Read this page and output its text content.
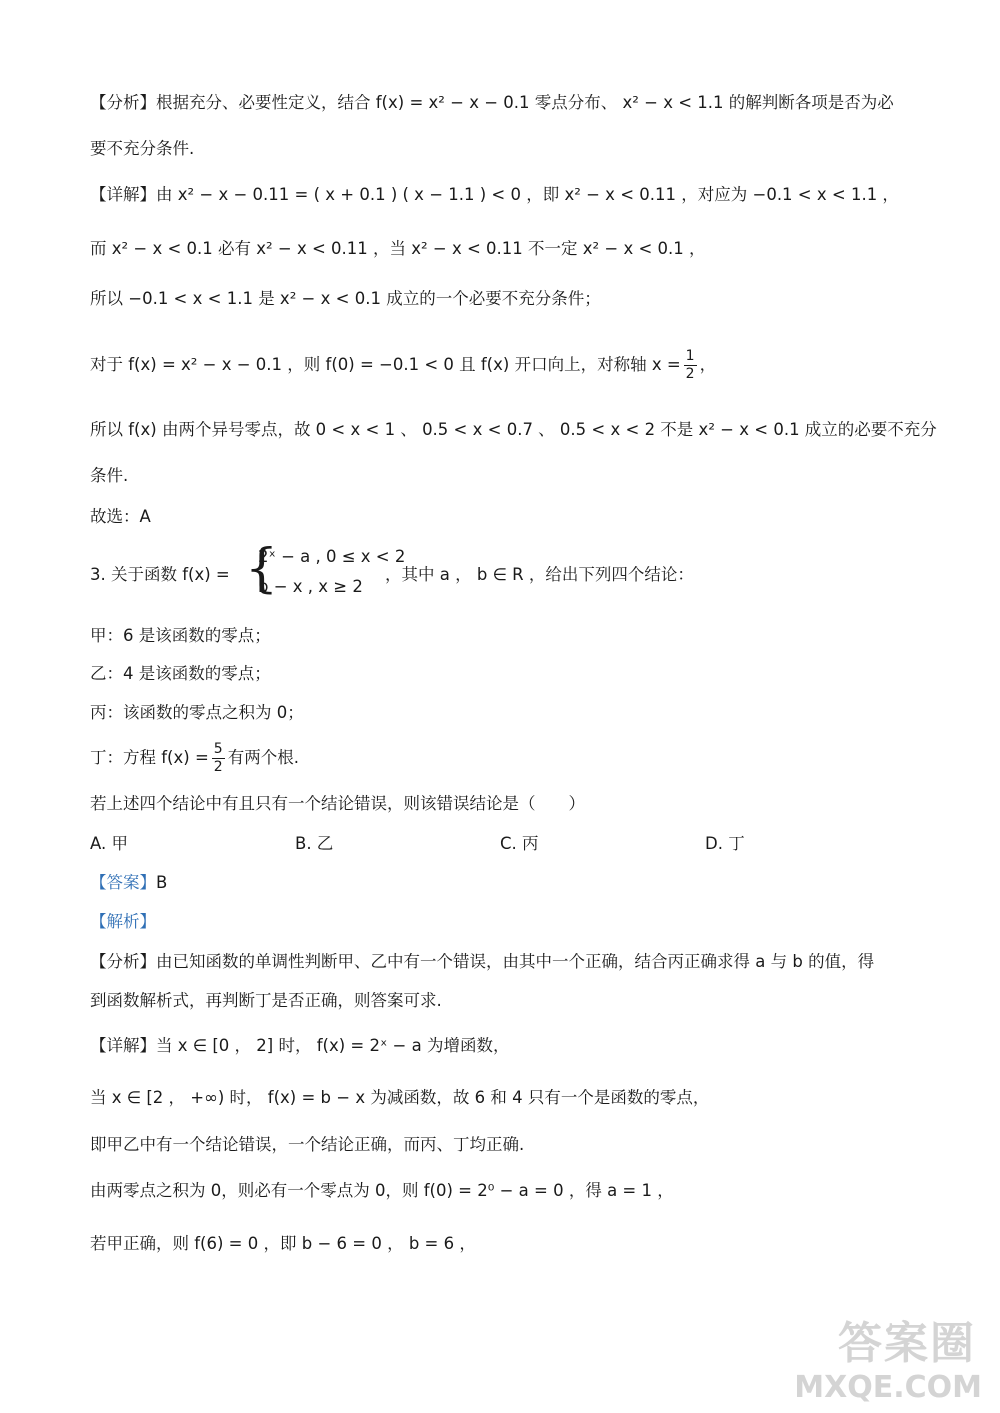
【分析】根据充分、必要性定义，结合 f(x) = x² − x − 0.1 零点分布、 x² − x < 1.1 的解判断各项是否为必
要不充分条件.
【详解】由 x² − x − 0.11 = ( x + 0.1 ) ( x − 1.1 ) < 0 ，即 x² − x < 0.11 ，对应为 −0.1 < x < 1.1 ，
而 x² − x < 0.1 必有 x² − x < 0.11 ，当 x² − x < 0.11 不一定 x² − x < 0.1 ，
所以 −0.1 < x < 1.1 是 x² − x < 0.1 成立的一个必要不充分条件；
对于 f(x) = x² − x − 0.1 ，则 f(0) = −0.1 < 0 且 f(x) 开口向上，对称轴 $x = \frac{1}{2}$ ，
所以 f(x) 由两个异号零点，故 0 < x < 1 、 0.5 < x < 0.7 、 0.5 < x < 2 不是 x² − x < 0.1 成立的必要不充分
条件.
故选：A
3. 关于函数 f(x) = {
2ˣ − a , 0 ≤ x < 2
b − x , x ≥ 2
，其中 a ， b ∈ R ，给出下列四个结论：
甲：6 是该函数的零点；
乙：4 是该函数的零点；
丙：该函数的零点之积为 0；
丁：方程 $f(x) = \frac{5}{2}$ 有两个根.
若上述四个结论中有且只有一个结论错误，则该错误结论是（　　）
A. 甲	B. 乙	C. 丙	D. 丁
【答案】B
【解析】
【分析】由已知函数的单调性判断甲、乙中有一个错误，由其中一个正确，结合丙正确求得 a 与 b 的值，得
到函数解析式，再判断丁是否正确，则答案可求.
【详解】当 x ∈ [0 ， 2] 时， f(x) = 2ˣ − a 为增函数，
当 x ∈ [2 ， +∞) 时， f(x) = b − x 为减函数，故 6 和 4 只有一个是函数的零点，
即甲乙中有一个结论错误，一个结论正确，而丙、丁均正确.
由两零点之积为 0，则必有一个零点为 0，则 f(0) = 2⁰ − a = 0 ，得 a = 1 ，
若甲正确，则 f(6) = 0 ，即 b − 6 = 0 ， b = 6 ，
答案圈
MXQE.COM
